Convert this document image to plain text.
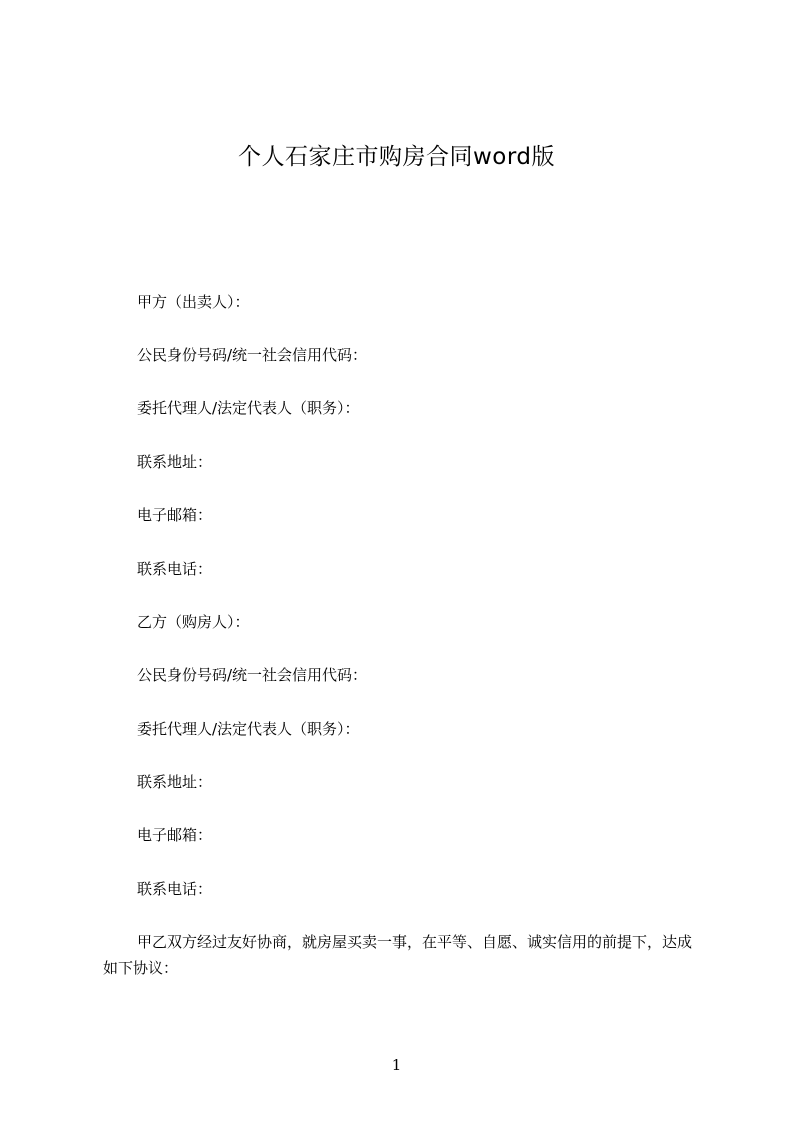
个人石家庄市购房合同word版
甲方（出卖人）：
公民身份号码/统一社会信用代码：
委托代理人/法定代表人（职务）：
联系地址：
电子邮箱：
联系电话：
乙方（购房人）：
公民身份号码/统一社会信用代码：
委托代理人/法定代表人（职务）：
联系地址：
电子邮箱：
联系电话：
甲乙双方经过友好协商，就房屋买卖一事，在平等、自愿、诚实信用的前提下，达成如下协议：
1
